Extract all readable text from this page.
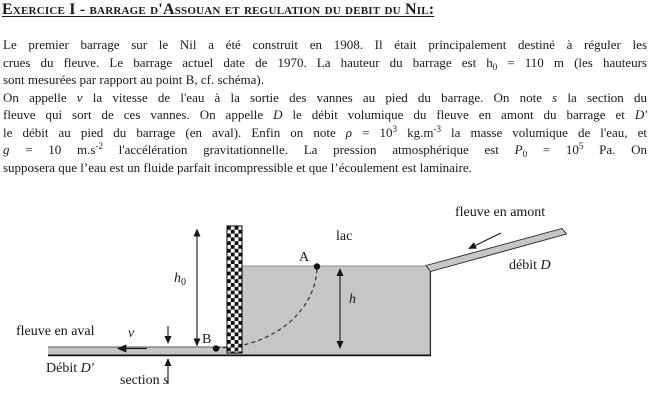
Exercice I - barrage d'Assouan et regulation du debit du Nil:
Le premier barrage sur le Nil a été construit en 1908. Il était principalement destiné à réguler les
crues du fleuve. Le barrage actuel date de 1970. La hauteur du barrage est $h_0 = 110$ m (les hauteurs
sont mesurées par rapport au point B, cf. schéma).
On appelle v la vitesse de l'eau à la sortie des vannes au pied du barrage. On note s la section du
fleuve qui sort de ces vannes. On appelle D le débit volumique du fleuve en amont du barrage et D'
le débit au pied du barrage (en aval). Enfin on note $\rho = 10^3$ $kg.m^{-3}$ la masse volumique de l'eau, et
g = 10 $m.s^{-2}$ l'accélération gravitationnelle. La pression atmosphérique est $P_0 = 10^5$ Pa. On
supposera que l’eau est un fluide parfait incompressible et que l’écoulement est laminaire.
lac
A
B
$h_0$
h
fleuve en amont
débit D
fleuve en aval v
Débit D'
section s
